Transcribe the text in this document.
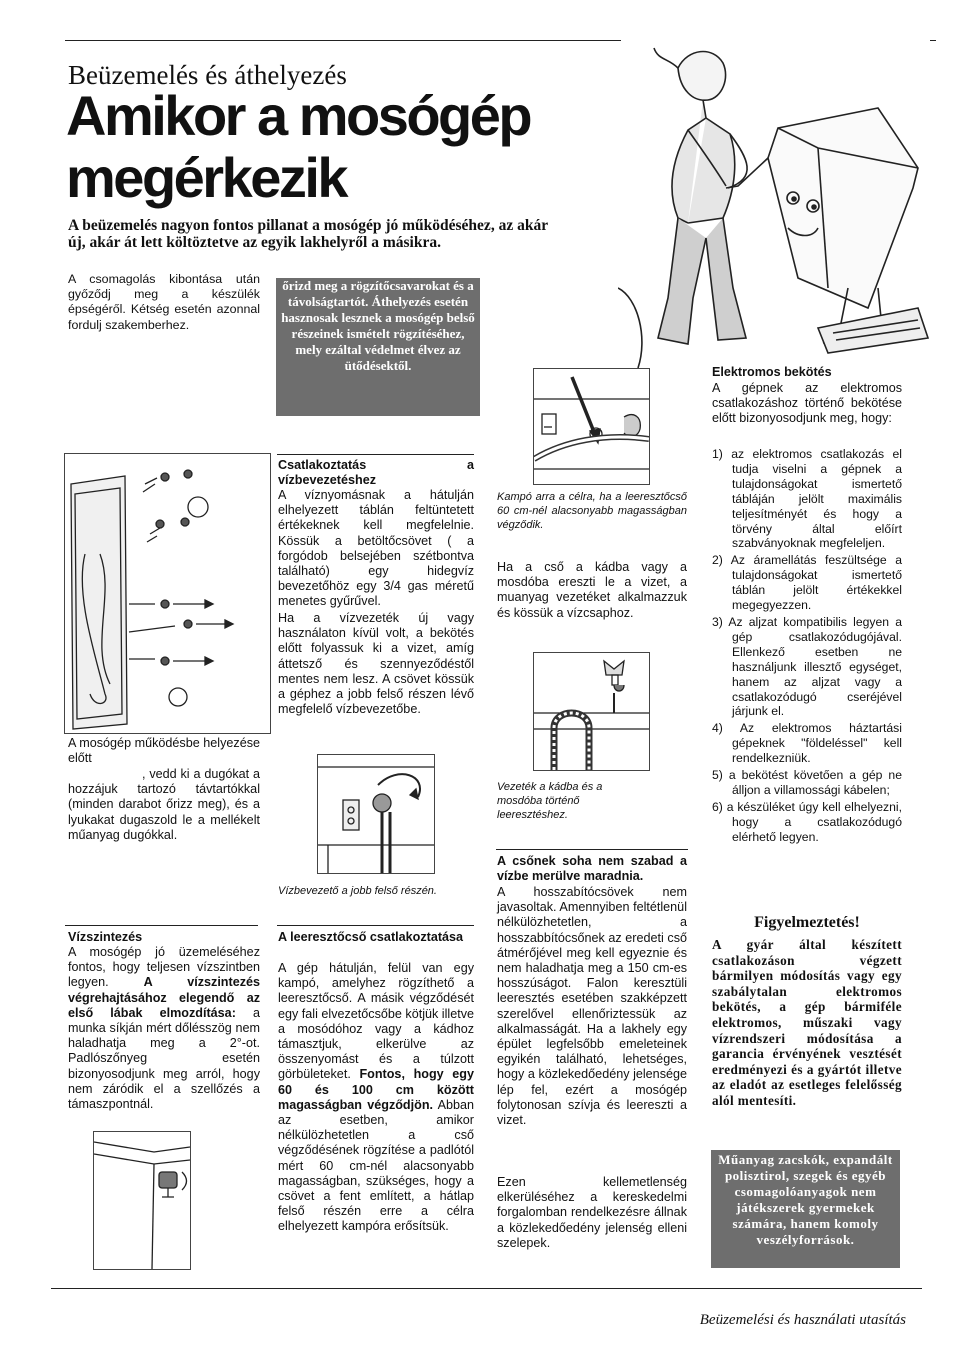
Beüzemelés és áthelyezés
Amikor a mosógép
megérkezik
A beüzemelés nagyon fontos pillanat a mosógép jó működéséhez, az akár új, akár át lett költöztetve az egyik lakhelyről a másikra.
A csomagolás kibontása után győződj meg a készülék épségéről. Kétség esetén azonnal fordulj szakemberhez.
A mosógép működésbe helyezése előtt
, vedd ki a dugókat a hozzájuk tartozó távtartókkal (minden darabot őrizz meg), és a lyukakat dugaszold le a mellékelt műanyag dugókkal.
Vízszintezés
A mosógép jó üzemeléséhez fontos, hogy teljesen vízszintben legyen.	A vízszintezés végrehajtásához elegendő az első lábak elmozdítása: a munka síkján mért dőlésszög nem haladhatja meg a 2°-ot. Padlószőnyeg esetén bizonyosodjunk meg arról, hogy nem záródik el a szellőzés a támaszpontnál.
őrizd meg a rögzítőcsavarokat és a távolságtartót. Áthelyezés esetén hasznosak lesznek a mosógép belső részeinek ismételt rögzítéséhez, mely ezáltal védelmet élvez az ütődésektől.
Csatlakoztatás a vízbevezetéshez
A víznyomásnak a hátulján elhelyezett táblán feltüntetett értékeknek kell megfelelnie. Kössük a betöltőcsövet ( a forgódob belsejében szétbontva található) egy hidegvíz bevezetőhöz egy 3/4 gas méretű menetes gyűrűvel.
Ha a vízvezeték új vagy használaton kívül volt, a bekötés előtt folyassuk ki a vizet, amíg áttetsző és szennyeződéstől mentes nem lesz. A csövet kössük a géphez a jobb felső részen lévő megfelelő vízbevezetőbe.
Vízbevezető a jobb felső részén.
A leeresztőcső csatlakoztatása
A gép hátulján, felül van egy kampó, amelyhez rögzíthető a leeresztőcső. A másik végződését egy fali elvezetőcsőbe kötjük illetve a mosódóhoz vagy a kádhoz támasztjuk, elkerülve az összenyomást és a túlzott görbületeket. Fontos, hogy egy 60 és 100 cm között magasságban végződjön. Abban az esetben, amikor nélkülözhetetlen a cső végződésének rögzítése a padlótól mért 60 cm-nél alacsonyabb magasságban, szükséges, hogy a csövet a fent említett, a hátlap felső részén erre a célra elhelyezett kampóra erősítsük.
Kampó arra a célra, ha a leeresztőcső 60 cm-nél alacsonyabb magasságban végződik.
Ha a cső a kádba vagy a mosdóba ereszti le a vizet, a muanyag vezetéket alkalmazzuk és kössük a vízcsaphoz.
Vezeték a kádba és a mosdóba történő leeresztéshez.
A csőnek soha nem szabad a vízbe merülve maradnia.
A hosszabítócsövek nem javasoltak. Amennyiben feltétlenül nélkülözhetetlen, a hosszabbítócsőnek az eredeti cső átmérőjével meg kell egyeznie és nem haladhatja meg a 150 cm-es hosszúságot. Falon keresztüli leeresztés esetében szakképzett szerelővel ellenőriztessük az alkalmasságát. Ha a lakhely egy épület legfelsőbb emeleteinek egyikén található, lehetséges, hogy a közlekedőedény jelensége lép fel, ezért a mosógép folytonosan szívja és leereszti a vizet.
Ezen kellemetlenség elkerüléséhez a kereskedelmi forgalomban rendelkezésre állnak a közlekedőedény jelenség elleni szelepek.
Elektromos bekötés
A gépnek az elektromos csatlakozáshoz történő bekötése előtt bizonyosodjunk meg, hogy:
1) az elektromos csatlakozás el tudja viselni a gépnek a tulajdonságokat ismertető tábláján jelölt maximális teljesítményét és hogy a törvény által előírt szabványoknak megfeleljen.
2) Az áramellátás feszültsége a tulajdonságokat ismertető táblán jelölt értékekkel megegyezzen.
3) Az aljzat kompatibilis legyen a gép csatlakozódugójával. Ellenkező esetben ne használjunk illesztő egységet, hanem az aljzat vagy a csatlakozódugó cseréjével járjunk el.
4) Az elektromos háztartási gépeknek "földeléssel" kell rendelkezniük.
5) a bekötést követően a gép ne álljon a villamossági kábelen;
6) a készüléket úgy kell elhelyezni, hogy a csatlakozódugó elérhető legyen.
Figyelmeztetés!
A gyár által készített csatlakozáson végzett bármilyen módosítás vagy egy szabálytalan elektromos bekötés, a gép bármiféle elektromos, műszaki vagy vízrendszeri módosítása a garancia érvényének vesztését eredményezi és a gyártót illetve az eladót az esetleges felelősség alól mentesíti.
Műanyag zacskók, expandált polisztirol, szegek és egyéb csomagolóanyagok nem játékszerek gyermekek számára, hanem komoly veszélyforrások.
Beüzemelési és használati utasítás
